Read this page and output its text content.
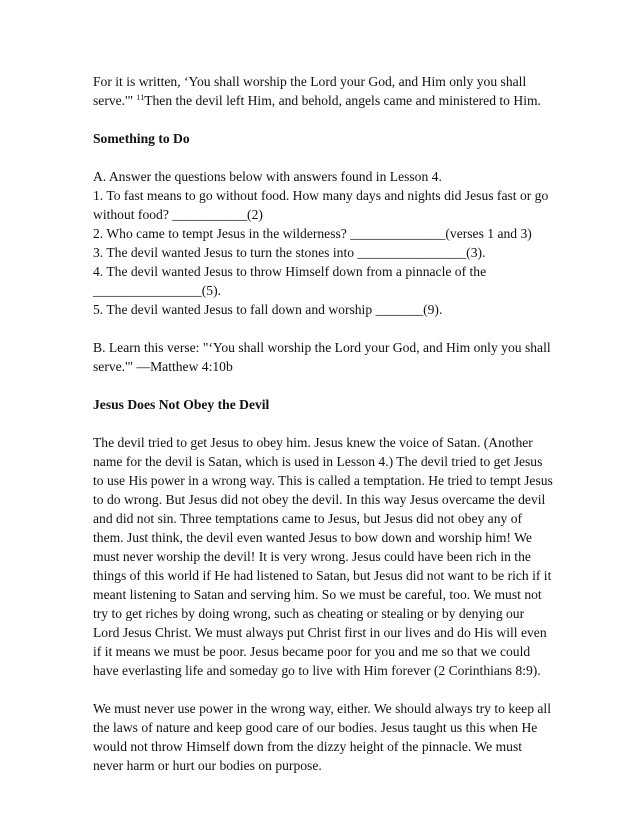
For it is written, ‘You shall worship the Lord your God, and Him only you shall serve.'" $^{11}$Then the devil left Him, and behold, angels came and ministered to Him.

Something to Do

A. Answer the questions below with answers found in Lesson 4.

1. To fast means to go without food. How many days and nights did Jesus fast or go without food? ___________(2)

2. Who came to tempt Jesus in the wilderness? ______________(verses 1 and 3)

3. The devil wanted Jesus to turn the stones into ________________(3).

4. The devil wanted Jesus to throw Himself down from a pinnacle of the ________________(5).

5. The devil wanted Jesus to fall down and worship _______(9).

B. Learn this verse: "‘You shall worship the Lord your God, and Him only you shall serve.'" —Matthew 4:10b

Jesus Does Not Obey the Devil

The devil tried to get Jesus to obey him. Jesus knew the voice of Satan. (Another name for the devil is Satan, which is used in Lesson 4.) The devil tried to get Jesus to use His power in a wrong way. This is called a temptation. He tried to tempt Jesus to do wrong. But Jesus did not obey the devil. In this way Jesus overcame the devil and did not sin. Three temptations came to Jesus, but Jesus did not obey any of them. Just think, the devil even wanted Jesus to bow down and worship him! We must never worship the devil! It is very wrong. Jesus could have been rich in the things of this world if He had listened to Satan, but Jesus did not want to be rich if it meant listening to Satan and serving him. So we must be careful, too. We must not try to get riches by doing wrong, such as cheating or stealing or by denying our Lord Jesus Christ. We must always put Christ first in our lives and do His will even if it means we must be poor. Jesus became poor for you and me so that we could have everlasting life and someday go to live with Him forever (2 Corinthians 8:9).

We must never use power in the wrong way, either. We should always try to keep all the laws of nature and keep good care of our bodies. Jesus taught us this when He would not throw Himself down from the dizzy height of the pinnacle. We must never harm or hurt our bodies on purpose.
